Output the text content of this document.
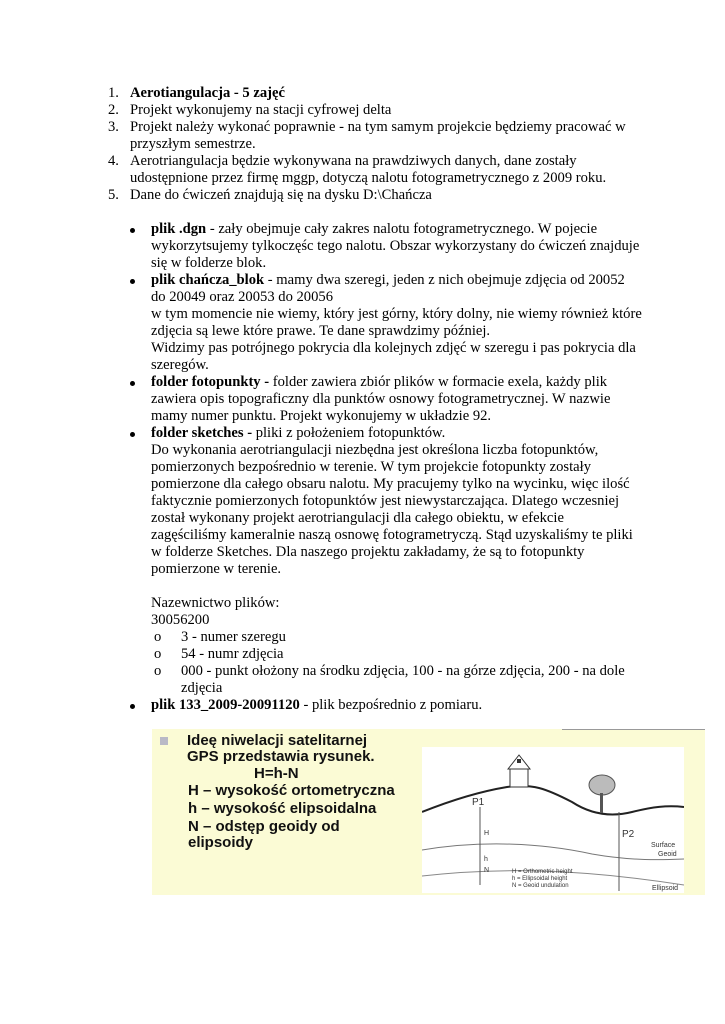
1. Aerotiangulacja - 5 zajęć
2. Projekt wykonujemy na stacji cyfrowej delta
3. Projekt należy wykonać poprawnie - na tym samym projekcie będziemy pracować w przyszłym semestrze.
4. Aerotriangulacja będzie wykonywana na prawdziwych danych, dane zostały udostępnione przez firmę mggp, dotyczą nalotu fotogrametrycznego z 2009 roku.
5. Dane do ćwiczeń znajdują się na dysku D:\Chańcza
plik .dgn - zały obejmuje cały zakres nalotu fotogrametrycznego. W pojecie wykorzytsujemy tylkoczęśc tego nalotu. Obszar wykorzystany do ćwiczeń znajduje się w folderze blok.
plik chańcza_blok - mamy dwa szeregi, jeden z nich obejmuje zdjęcia od 20052 do 20049 oraz 20053 do 20056
w tym momencie nie wiemy, który jest górny, który dolny, nie wiemy również które zdjęcia są lewe które prawe. Te dane sprawdzimy później.
Widzimy pas potrójnego pokrycia dla kolejnych zdjęć w szeregu i pas pokrycia dla szeregów.
folder fotopunkty - folder zawiera zbiór plików w formacie exela, każdy plik zawiera opis topograficzny dla punktów osnowy fotogrametrycznej. W nazwie mamy numer punktu. Projekt wykonujemy w układzie 92.
folder sketches - pliki z położeniem fotopunktów.
Do wykonania aerotriangulacji niezbędna jest określona liczba fotopunktów, pomierzonych bezpośrednio w terenie. W tym projekcie fotopunkty zostały pomierzone dla całego obsaru nalotu. My pracujemy tylko na wycinku, więc ilość faktycznie pomierzonych fotopunktów jest niewystarczająca. Dlatego wczesniej został wykonany projekt aerotriangulacji dla całego obiektu, w efekcie zagęściliśmy kameralnie naszą osnowę fotogrametryczą. Stąd uzyskaliśmy te pliki w folderze Sketches. Dla naszego projektu zakładamy, że są to fotopunkty pomierzone w terenie.
Nazewnictwo plików:
30056200
o 3 - numer szeregu
o 54 - numr zdjęcia
o 000 - punkt ołożony na środku zdjęcia, 100 - na górze zdjęcia, 200 - na dole zdjęcia
plik 133_2009-20091120 - plik bezpośrednio z pomiaru.
Ideę niwelacji satelitarnej
GPS przedstawia rysunek.
H=h-N
H – wysokość ortometryczna
h – wysokość elipsoidalna
N – odstęp geoidy od
elipsoidy
P1
P2
Surface
Geoid
Ellipsoid
H
h
N	H = Orthometric height
h = Ellipsoidal height
N = Geoid undulation
